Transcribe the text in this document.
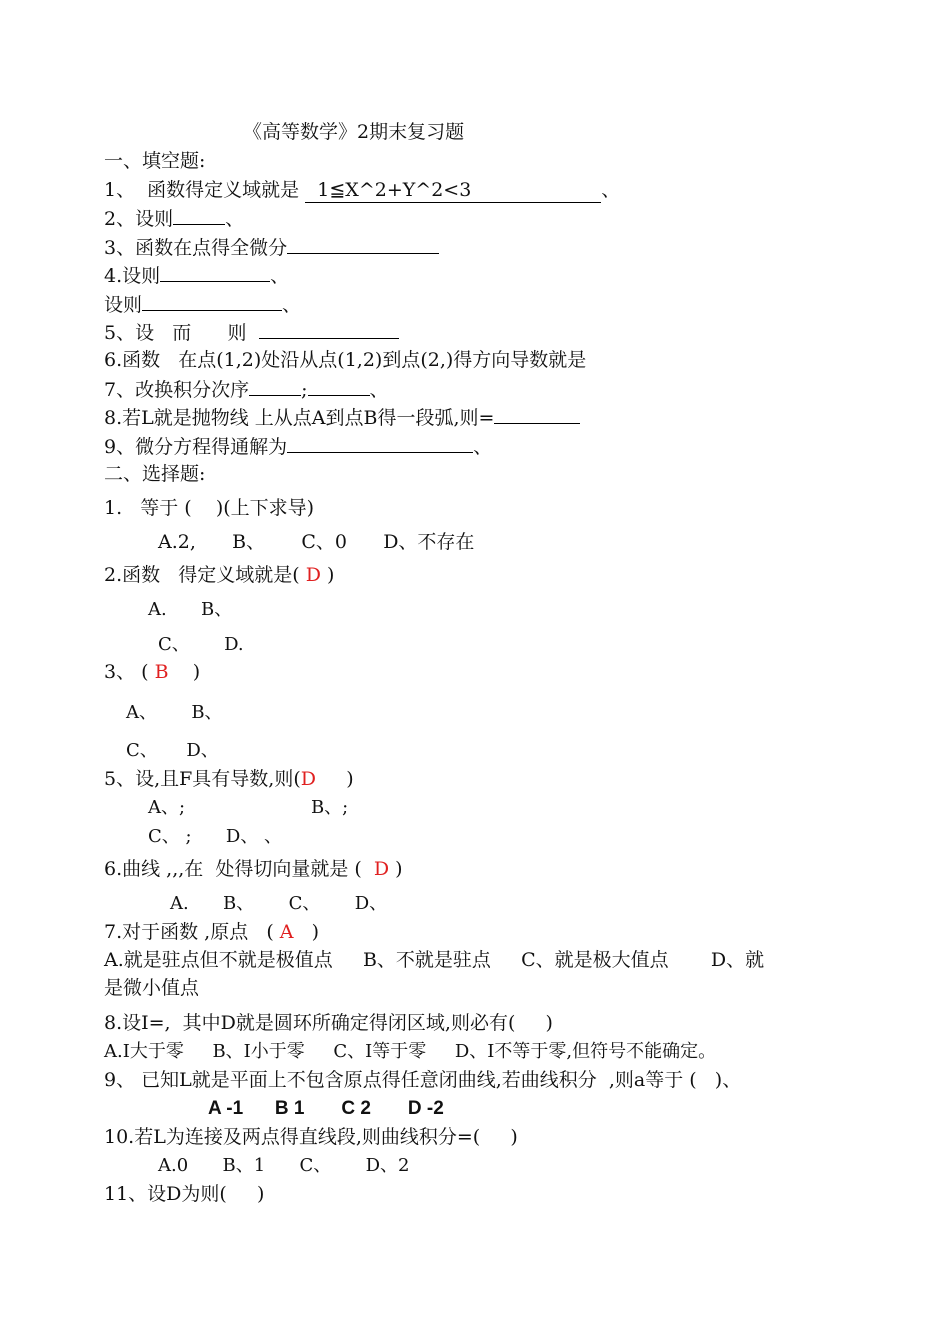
《高等数学》2期末复习题
一、填空题:
1、  函数得定义域就是   1≦X^2+Y^2<3	、
2、设则	、
3、函数在点得全微分
4.设则	、
设则	、
5、设   而      则
6.函数   在点(1,2)处沿从点(1,2)到点(2,)得方向导数就是
7、改换积分次序	;	、
8.若L就是抛物线 上从点A到点B得一段弧,则=
9、微分方程得通解为	、
二、选择题:
1.   等于 (    )(上下求导)
A.2,      B、      C、0      D、不存在
2.函数   得定义域就是( D )
A.      B、
C、      D.
3、 ( B    )
A、      B、
C、     D、
5、设,且F具有导数,则(D     )
A、;                      B、;
C、 ;      D、 、
6.曲线 ,,,在  处得切向量就是 (  D )
A.      B、      C、      D、
7.对于函数 ,原点   ( A   )
A.就是驻点但不就是极值点     B、不就是驻点     C、就是极大值点       D、就
是微小值点
8.设I=,  其中D就是圆环所确定得闭区域,则必有(     )
A.I大于零     B、I小于零     C、I等于零     D、I不等于零,但符号不能确定。
9、 已知L就是平面上不包含原点得任意闭曲线,若曲线积分  ,则a等于 (   )、
A -1      B 1       C 2       D -2
10.若L为连接及两点得直线段,则曲线积分=(     )
A.0      B、1      C、      D、2
11、设D为则(     )
